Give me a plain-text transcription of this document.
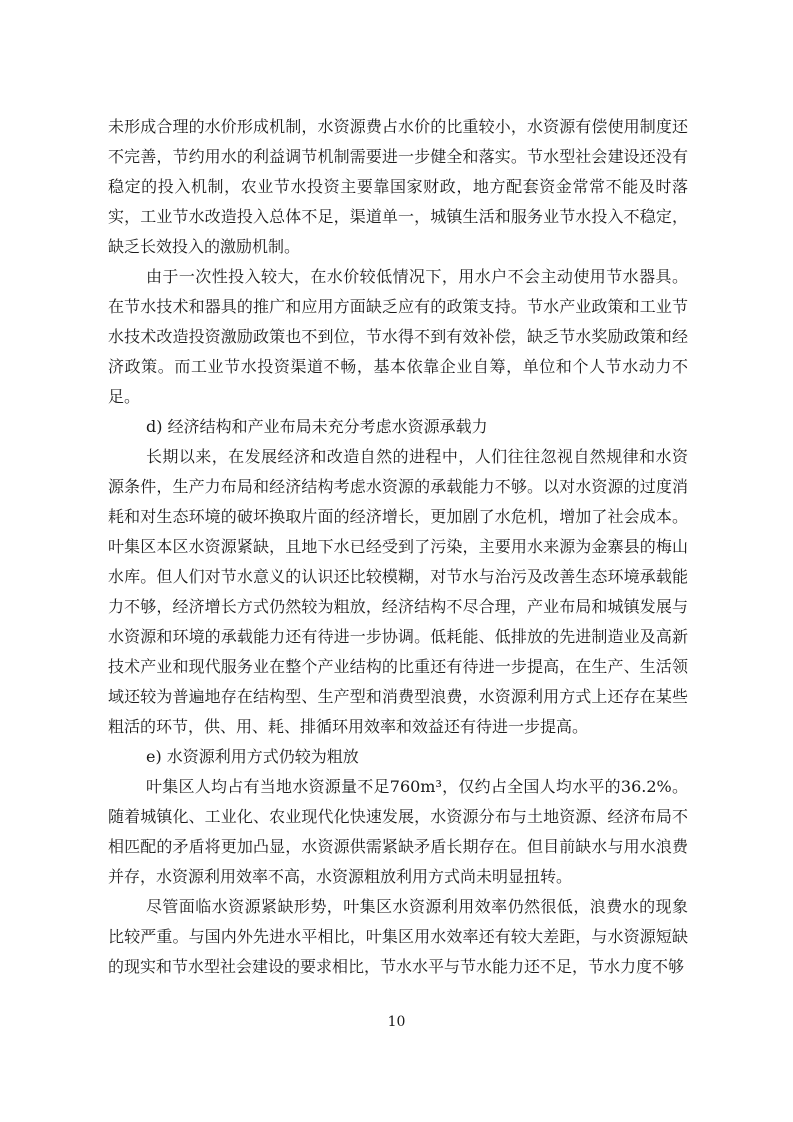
未形成合理的水价形成机制，水资源费占水价的比重较小，水资源有偿使用制度还不完善，节约用水的利益调节机制需要进一步健全和落实。节水型社会建设还没有稳定的投入机制，农业节水投资主要靠国家财政，地方配套资金常常不能及时落实，工业节水改造投入总体不足，渠道单一，城镇生活和服务业节水投入不稳定，缺乏长效投入的激励机制。

由于一次性投入较大，在水价较低情况下，用水户不会主动使用节水器具。在节水技术和器具的推广和应用方面缺乏应有的政策支持。节水产业政策和工业节水技术改造投资激励政策也不到位，节水得不到有效补偿，缺乏节水奖励政策和经济政策。而工业节水投资渠道不畅，基本依靠企业自筹，单位和个人节水动力不足。

d) 经济结构和产业布局未充分考虑水资源承载力

长期以来，在发展经济和改造自然的进程中，人们往往忽视自然规律和水资源条件，生产力布局和经济结构考虑水资源的承载能力不够。以对水资源的过度消耗和对生态环境的破坏换取片面的经济增长，更加剧了水危机，增加了社会成本。叶集区本区水资源紧缺，且地下水已经受到了污染，主要用水来源为金寨县的梅山水库。但人们对节水意义的认识还比较模糊，对节水与治污及改善生态环境承载能力不够，经济增长方式仍然较为粗放，经济结构不尽合理，产业布局和城镇发展与水资源和环境的承载能力还有待进一步协调。低耗能、低排放的先进制造业及高新技术产业和现代服务业在整个产业结构的比重还有待进一步提高，在生产、生活领域还较为普遍地存在结构型、生产型和消费型浪费，水资源利用方式上还存在某些粗活的环节，供、用、耗、排循环用效率和效益还有待进一步提高。

e) 水资源利用方式仍较为粗放

叶集区人均占有当地水资源量不足760m³，仅约占全国人均水平的36.2%。随着城镇化、工业化、农业现代化快速发展，水资源分布与土地资源、经济布局不相匹配的矛盾将更加凸显，水资源供需紧缺矛盾长期存在。但目前缺水与用水浪费并存，水资源利用效率不高，水资源粗放利用方式尚未明显扭转。

尽管面临水资源紧缺形势，叶集区水资源利用效率仍然很低，浪费水的现象比较严重。与国内外先进水平相比，叶集区用水效率还有较大差距，与水资源短缺的现实和节水型社会建设的要求相比，节水水平与节水能力还不足，节水力度不够

10
